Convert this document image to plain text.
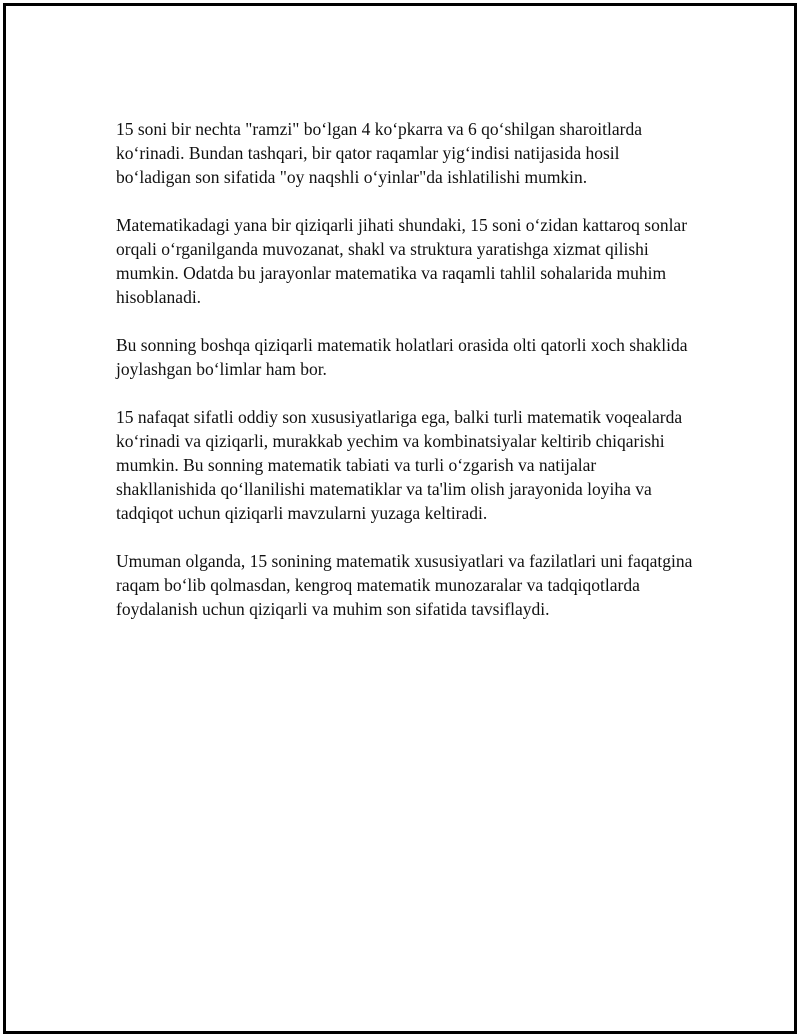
15 soni bir nechta "ramzi" bo‘lgan 4 ko‘pkarra va 6 qo‘shilgan sharoitlarda ko‘rinadi. Bundan tashqari, bir qator raqamlar yig‘indisi natijasida hosil bo‘ladigan son sifatida "oy naqshli o‘yinlar"da ishlatilishi mumkin.

Matematikadagi yana bir qiziqarli jihati shundaki, 15 soni o‘zidan kattaroq sonlar orqali o‘rganilganda muvozanat, shakl va struktura yaratishga xizmat qilishi mumkin. Odatda bu jarayonlar matematika va raqamli tahlil sohalarida muhim hisoblanadi.

Bu sonning boshqa qiziqarli matematik holatlari orasida olti qatorli xoch shaklida joylashgan bo‘limlar ham bor.

15 nafaqat sifatli oddiy son xususiyatlariga ega, balki turli matematik voqealarda ko‘rinadi va qiziqarli, murakkab yechim va kombinatsiyalar keltirib chiqarishi mumkin. Bu sonning matematik tabiati va turli o‘zgarish va natijalar shakllanishida qo‘llanilishi matematiklar va ta'lim olish jarayonida loyiha va tadqiqot uchun qiziqarli mavzularni yuzaga keltiradi.

Umuman olganda, 15 sonining matematik xususiyatlari va fazilatlari uni faqatgina raqam bo‘lib qolmasdan, kengroq matematik munozaralar va tadqiqotlarda foydalanish uchun qiziqarli va muhim son sifatida tavsiflaydi.
